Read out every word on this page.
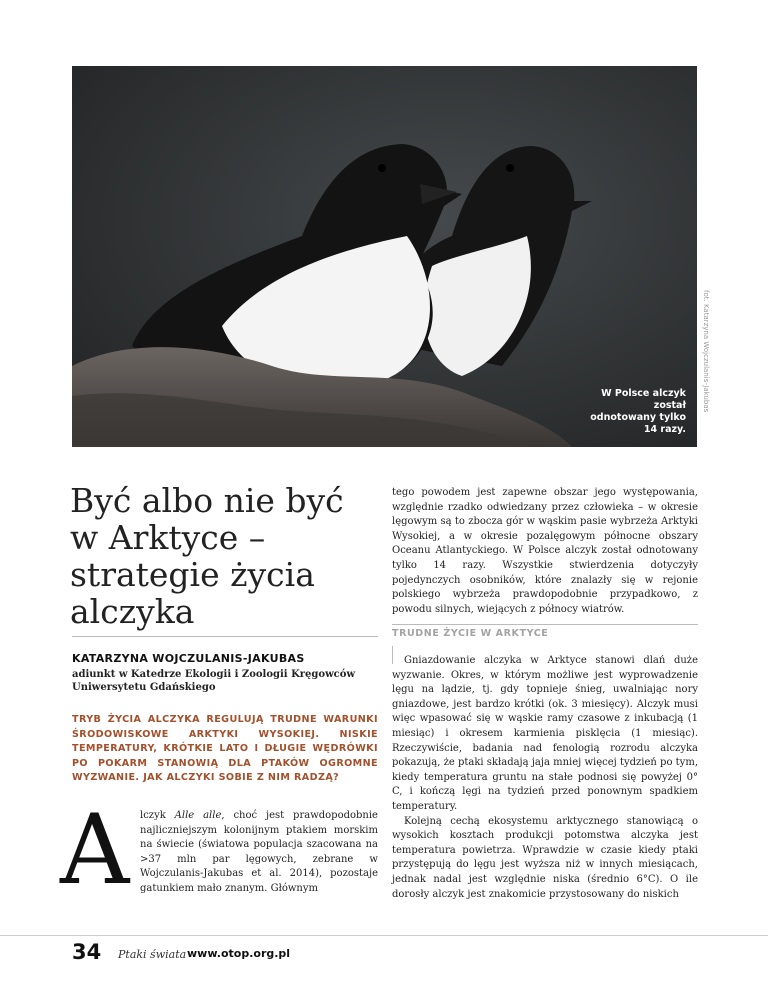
fot. Katarzyna Wojczulanis-Jakubas
W Polsce alczyk został odnotowany tylko 14 razy.
Być albo nie być w Arktyce – strategie życia alczyka
KATARZYNA WOJCZULANIS-JAKUBAS
adiunkt w Katedrze Ekologii i Zoologii Kręgowców Uniwersytetu Gdańskiego
TRYB ŻYCIA ALCZYKA REGULUJĄ TRUDNE WARUNKI ŚRODOWISKOWE ARKTYKI WYSOKIEJ. NISKIE TEMPERATURY, KRÓTKIE LATO I DŁUGIE WĘDRÓWKI PO POKARM STANOWIĄ DLA PTAKÓW OGROMNE WYZWANIE. JAK ALCZYKI SOBIE Z NIM RADZĄ?
A lczyk Alle alle, choć jest prawdopodobnie najliczniejszym kolonijnym ptakiem morskim na świecie (światowa populacja szacowana na >37 mln par lęgowych, zebrane w Wojczulanis-Jakubas et al. 2014), pozostaje gatunkiem mało znanym. Głównym

tego powodem jest zapewne obszar jego występowania, względnie rzadko odwiedzany przez człowieka – w okresie lęgowym są to zbocza gór w wąskim pasie wybrzeża Arktyki Wysokiej, a w okresie pozalęgowym północne obszary Oceanu Atlantyckiego. W Polsce alczyk został odnotowany tylko 14 razy. Wszystkie stwierdzenia dotyczyły pojedynczych osobników, które znalazły się w rejonie polskiego wybrzeża prawdopodobnie przypadkowo, z powodu silnych, wiejących z północy wiatrów.

TRUDNE ŻYCIE W ARKTYCE

Gniazdowanie alczyka w Arktyce stanowi dlań duże wyzwanie. Okres, w którym możliwe jest wyprowadzenie lęgu na lądzie, tj. gdy topnieje śnieg, uwalniając nory gniazdowe, jest bardzo krótki (ok. 3 miesięcy). Alczyk musi więc wpasować się w wąskie ramy czasowe z inkubacją (1 miesiąc) i okresem karmienia pisklęcia (1 miesiąc). Rzeczywiście, badania nad fenologią rozrodu alczyka pokazują, że ptaki składają jaja mniej więcej tydzień po tym, kiedy temperatura gruntu na stałe podnosi się powyżej 0° C, i kończą lęgi na tydzień przed ponownym spadkiem temperatury.

Kolejną cechą ekosystemu arktycznego stanowiącą o wysokich kosztach produkcji potomstwa alczyka jest temperatura powietrza. Wprawdzie w czasie kiedy ptaki przystępują do lęgu jest wyższa niż w innych miesiącach, jednak nadal jest względnie niska (średnio 6°C). O ile dorosły alczyk jest znakomicie przystosowany do niskich

34 Ptaki świata www.otop.org.pl
